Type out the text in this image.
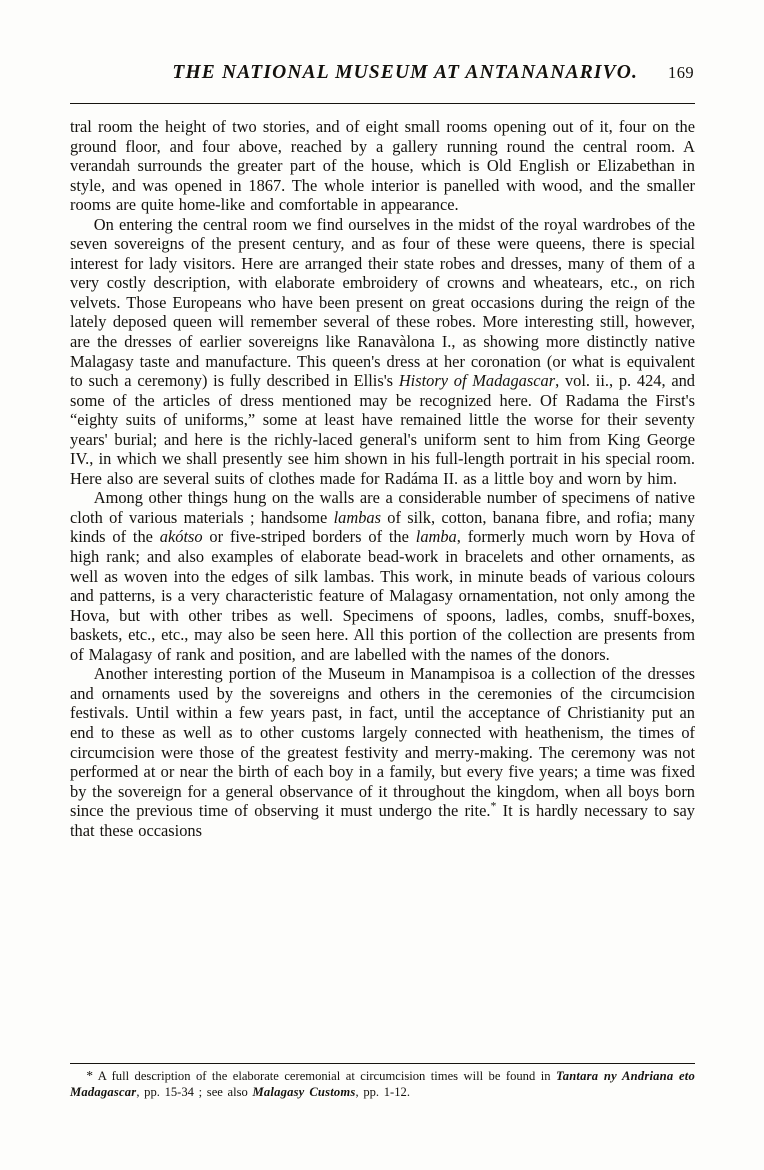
THE NATIONAL MUSEUM AT ANTANANARIVO. 169

tral room the height of two stories, and of eight small rooms opening out of it, four on the ground floor, and four above, reached by a gallery running round the central room. A verandah surrounds the greater part of the house, which is Old English or Elizabethan in style, and was opened in 1867. The whole interior is panelled with wood, and the smaller rooms are quite home-like and comfortable in appearance.

On entering the central room we find ourselves in the midst of the royal wardrobes of the seven sovereigns of the present century, and as four of these were queens, there is special interest for lady visitors. Here are arranged their state robes and dresses, many of them of a very costly description, with elaborate embroidery of crowns and wheatears, etc., on rich velvets. Those Europeans who have been present on great occasions during the reign of the lately deposed queen will remember several of these robes. More interesting still, however, are the dresses of earlier sovereigns like Ranavàlona I., as showing more distinctly native Malagasy taste and manufacture. This queen's dress at her coronation (or what is equivalent to such a ceremony) is fully described in Ellis's History of Madagascar, vol. ii., p. 424, and some of the articles of dress mentioned may be recognized here. Of Radama the First's “eighty suits of uniforms,” some at least have remained little the worse for their seventy years' burial; and here is the richly-laced general's uniform sent to him from King George IV., in which we shall presently see him shown in his full-length portrait in his special room. Here also are several suits of clothes made for Radáma II. as a little boy and worn by him.

Among other things hung on the walls are a considerable number of specimens of native cloth of various materials ; handsome lambas of silk, cotton, banana fibre, and rofia; many kinds of the akótso or five-striped borders of the lamba, formerly much worn by Hova of high rank; and also examples of elaborate bead-work in bracelets and other ornaments, as well as woven into the edges of silk lambas. This work, in minute beads of various colours and patterns, is a very characteristic feature of Malagasy ornamentation, not only among the Hova, but with other tribes as well. Specimens of spoons, ladles, combs, snuff-boxes, baskets, etc., etc., may also be seen here. All this portion of the collection are presents from of Malagasy of rank and position, and are labelled with the names of the donors.

Another interesting portion of the Museum in Manampisoa is a collection of the dresses and ornaments used by the sovereigns and others in the ceremonies of the circumcision festivals. Until within a few years past, in fact, until the acceptance of Christianity put an end to these as well as to other customs largely connected with heathenism, the times of circumcision were those of the greatest festivity and merry-making. The ceremony was not performed at or near the birth of each boy in a family, but every five years; a time was fixed by the sovereign for a general observance of it throughout the kingdom, when all boys born since the previous time of observing it must undergo the rite.* It is hardly necessary to say that these occasions

* A full description of the elaborate ceremonial at circumcision times will be found in Tantara ny Andriana eto Madagascar, pp. 15-34 ; see also Malagasy Customs, pp. 1-12.
